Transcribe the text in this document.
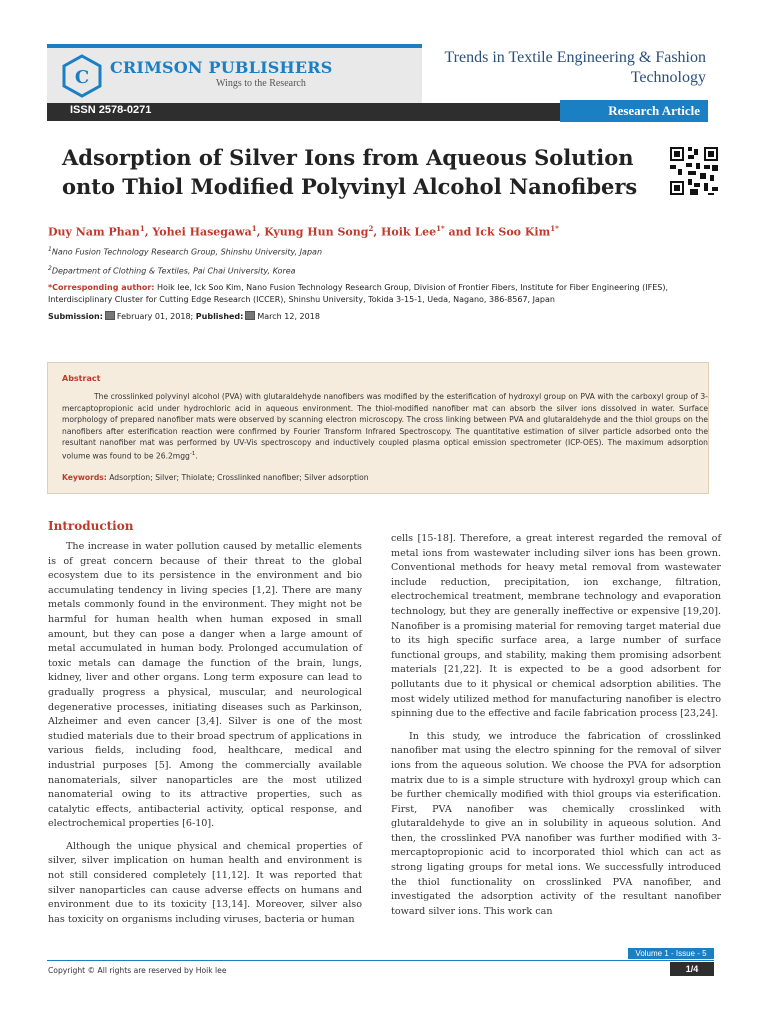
C CRIMSON PUBLISHERS
Wings to the Research
Trends in Textile Engineering & Fashion
Technology
ISSN 2578-0271	Research Article
Adsorption of Silver Ions from Aqueous Solution
onto Thiol Modified Polyvinyl Alcohol Nanofibers
Duy Nam Phan$^1$, Yohei Hasegawa$^1$, Kyung Hun Song$^2$, Hoik Lee$^{1*}$ and Ick Soo Kim$^{1*}$
$^1$Nano Fusion Technology Research Group, Shinshu University, Japan
$^2$Department of Clothing & Textiles, Pai Chai University, Korea
*Corresponding author: Hoik lee, Ick Soo Kim, Nano Fusion Technology Research Group, Division of Frontier Fibers, Institute for Fiber Engineering (IFES), Interdisciplinary Cluster for Cutting Edge Research (ICCER), Shinshu University, Tokida 3-15-1, Ueda, Nagano, 386-8567, Japan
Submission: February 01, 2018; Published: March 12, 2018
Abstract
The crosslinked polyvinyl alcohol (PVA) with glutaraldehyde nanofibers was modified by the esterification of hydroxyl group on PVA with the carboxyl group of 3-mercaptopropionic acid under hydrochloric acid in aqueous environment. The thiol-modified nanofiber mat can absorb the silver ions dissolved in water. Surface morphology of prepared nanofiber mats were observed by scanning electron microscopy. The cross linking between PVA and glutaraldehyde and the thiol groups on the nanofibers after esterification reaction were confirmed by Fourier Transform Infrared Spectroscopy. The quantitative estimation of silver particle adsorbed onto the resultant nanofiber mat was performed by UV-Vis spectroscopy and inductively coupled plasma optical emission spectrometer (ICP-OES). The maximum adsorption volume was found to be 26.2mgg$^{-1}$.
Keywords: Adsorption; Silver; Thiolate; Crosslinked nanofiber; Silver adsorption
Introduction

The increase in water pollution caused by metallic elements is of great concern because of their threat to the global ecosystem due to its persistence in the environment and bio accumulating tendency in living species [1,2]. There are many metals commonly found in the environment. They might not be harmful for human health when human exposed in small amount, but they can pose a danger when a large amount of metal accumulated in human body. Prolonged accumulation of toxic metals can damage the function of the brain, lungs, kidney, liver and other organs. Long term exposure can lead to gradually progress a physical, muscular, and neurological degenerative processes, initiating diseases such as Parkinson, Alzheimer and even cancer [3,4]. Silver is one of the most studied materials due to their broad spectrum of applications in various fields, including food, healthcare, medical and industrial purposes [5]. Among the commercially available nanomaterials, silver nanoparticles are the most utilized nanomaterial owing to its attractive properties, such as catalytic effects, antibacterial activity, optical response, and electrochemical properties [6-10].

Although the unique physical and chemical properties of silver, silver implication on human health and environment is not still considered completely [11,12]. It was reported that silver nanoparticles can cause adverse effects on humans and environment due to its toxicity [13,14]. Moreover, silver also has toxicity on organisms including viruses, bacteria or human

cells [15-18]. Therefore, a great interest regarded the removal of metal ions from wastewater including silver ions has been grown. Conventional methods for heavy metal removal from wastewater include reduction, precipitation, ion exchange, filtration, electrochemical treatment, membrane technology and evaporation technology, but they are generally ineffective or expensive [19,20]. Nanofiber is a promising material for removing target material due to its high specific surface area, a large number of surface functional groups, and stability, making them promising adsorbent materials [21,22]. It is expected to be a good adsorbent for pollutants due to it physical or chemical adsorption abilities. The most widely utilized method for manufacturing nanofiber is electro spinning due to the effective and facile fabrication process [23,24].

In this study, we introduce the fabrication of crosslinked nanofiber mat using the electro spinning for the removal of silver ions from the aqueous solution. We choose the PVA for adsorption matrix due to is a simple structure with hydroxyl group which can be further chemically modified with thiol groups via esterification. First, PVA nanofiber was chemically crosslinked with glutaraldehyde to give an in solubility in aqueous solution. And then, the crosslinked PVA nanofiber was further modified with 3-mercaptopropionic acid to incorporated thiol which can act as strong ligating groups for metal ions. We successfully introduced the thiol functionality on crosslinked PVA nanofiber, and investigated the adsorption activity of the resultant nanofiber toward silver ions. This work can

Volume 1 - Issue - 5
Copyright © All rights are reserved by Hoik lee	1/4
